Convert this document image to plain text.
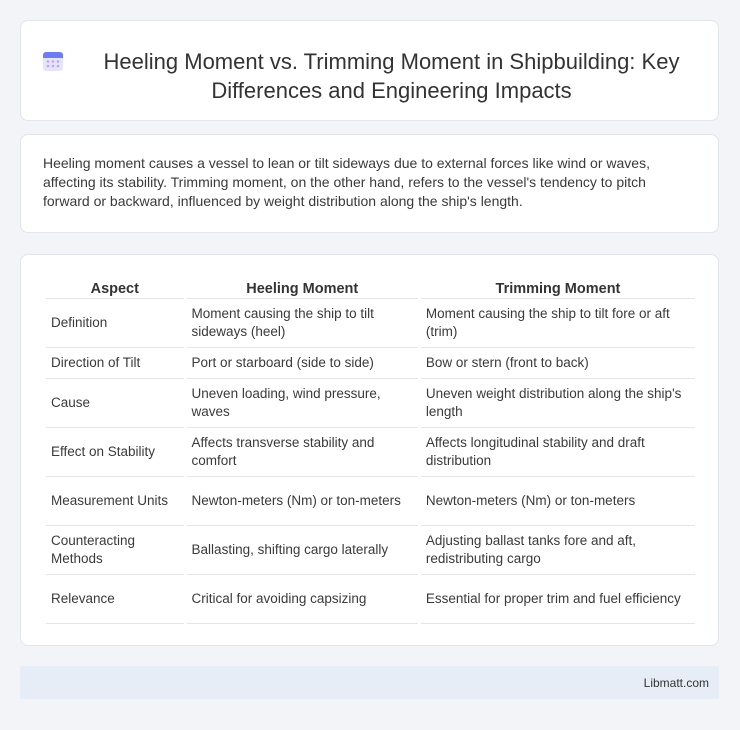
Heeling Moment vs. Trimming Moment in Shipbuilding: Key Differences and Engineering Impacts

Heeling moment causes a vessel to lean or tilt sideways due to external forces like wind or waves, affecting its stability. Trimming moment, on the other hand, refers to the vessel's tendency to pitch forward or backward, influenced by weight distribution along the ship's length.

Aspect	Heeling Moment	Trimming Moment
Definition	Moment causing the ship to tilt sideways (heel)	Moment causing the ship to tilt fore or aft (trim)
Direction of Tilt	Port or starboard (side to side)	Bow or stern (front to back)
Cause	Uneven loading, wind pressure, waves	Uneven weight distribution along the ship's length
Effect on Stability	Affects transverse stability and comfort	Affects longitudinal stability and draft distribution
Measurement Units	Newton-meters (Nm) or ton-meters	Newton-meters (Nm) or ton-meters
Counteracting Methods	Ballasting, shifting cargo laterally	Adjusting ballast tanks fore and aft, redistributing cargo
Relevance	Critical for avoiding capsizing	Essential for proper trim and fuel efficiency
Libmatt.com
